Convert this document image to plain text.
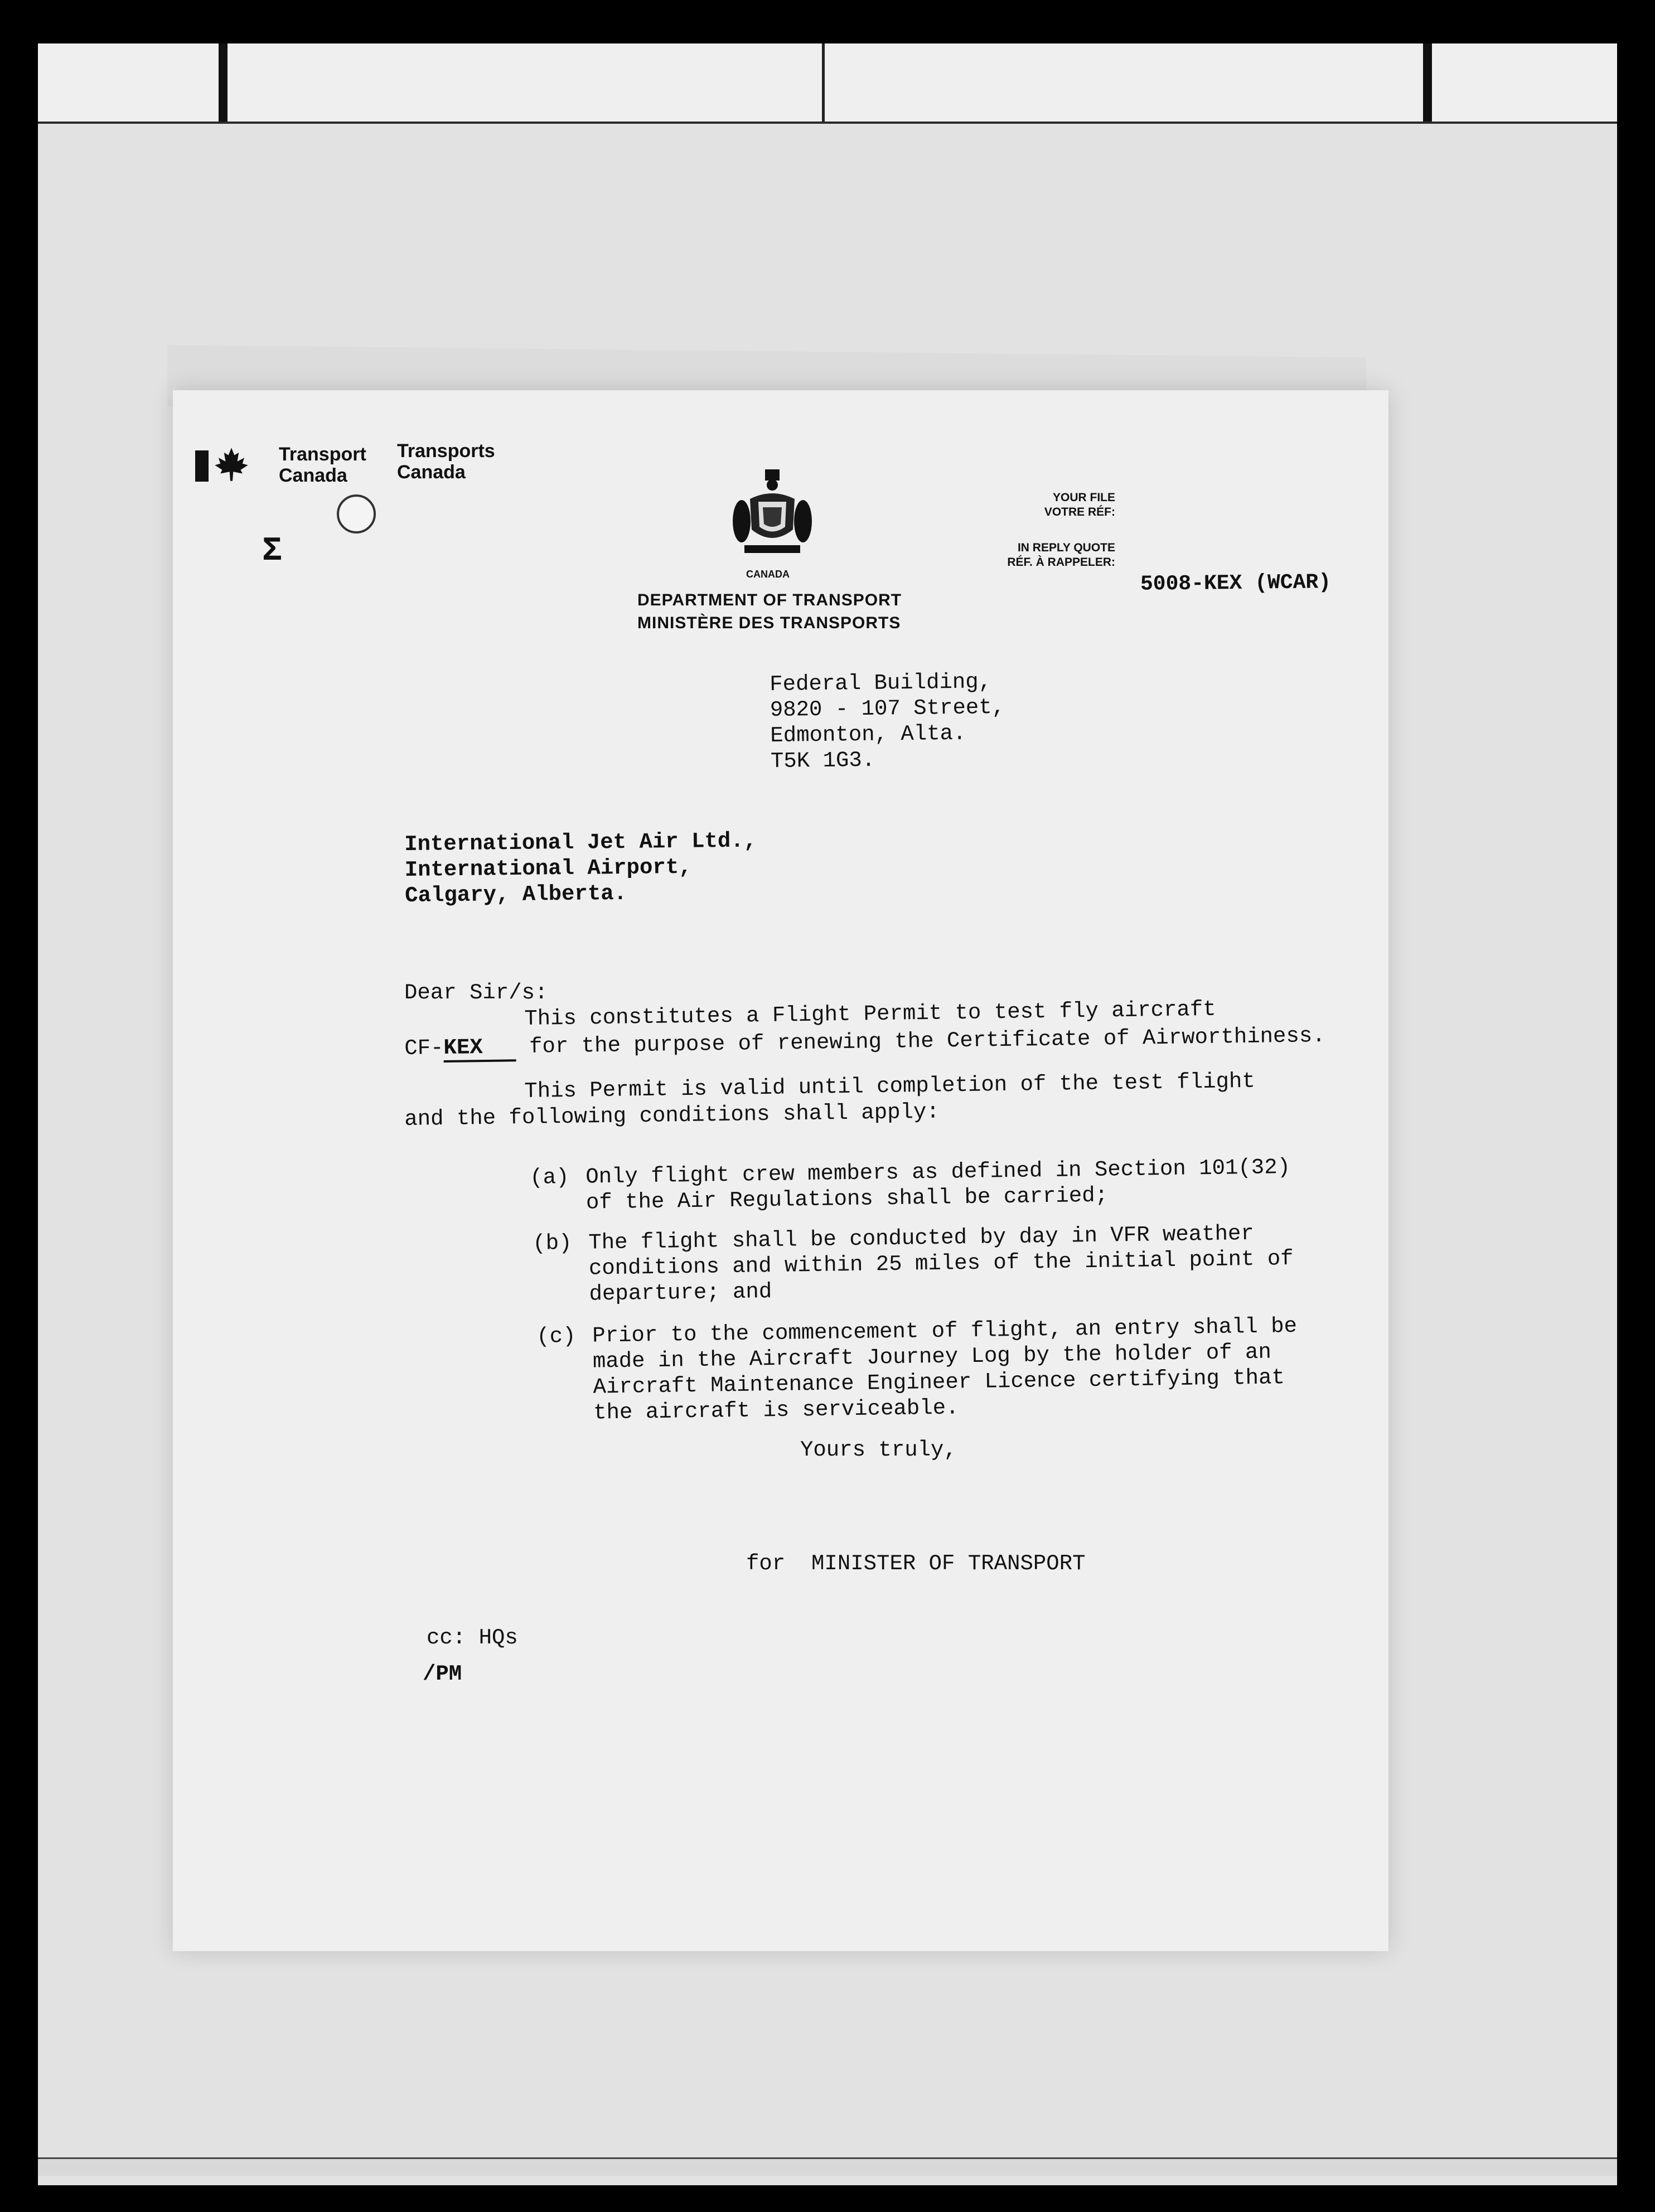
Transport
Canada
Transports
Canada
Σ
CANADA
DEPARTMENT OF TRANSPORT
MINISTÈRE DES TRANSPORTS
YOUR FILE
VOTRE RÉF:
IN REPLY QUOTE
RÉF. À RAPPELER:
5008-KEX (WCAR)
Federal Building,
9820 - 107 Street,
Edmonton, Alta.
T5K 1G3.
International Jet Air Ltd.,
International Airport,
Calgary, Alberta.
Dear Sir/s:
This constitutes a Flight Permit to test fly aircraft
CF-KEX for the purpose of renewing the Certificate of Airworthiness.
This Permit is valid until completion of the test flight
and the following conditions shall apply:
(a) Only flight crew members as defined in Section 101(32)
of the Air Regulations shall be carried;
(b) The flight shall be conducted by day in VFR weather
conditions and within 25 miles of the initial point of
departure; and
(c) Prior to the commencement of flight, an entry shall be
made in the Aircraft Journey Log by the holder of an
Aircraft Maintenance Engineer Licence certifying that
the aircraft is serviceable.
Yours truly,
for  MINISTER OF TRANSPORT
cc: HQs
/PM
